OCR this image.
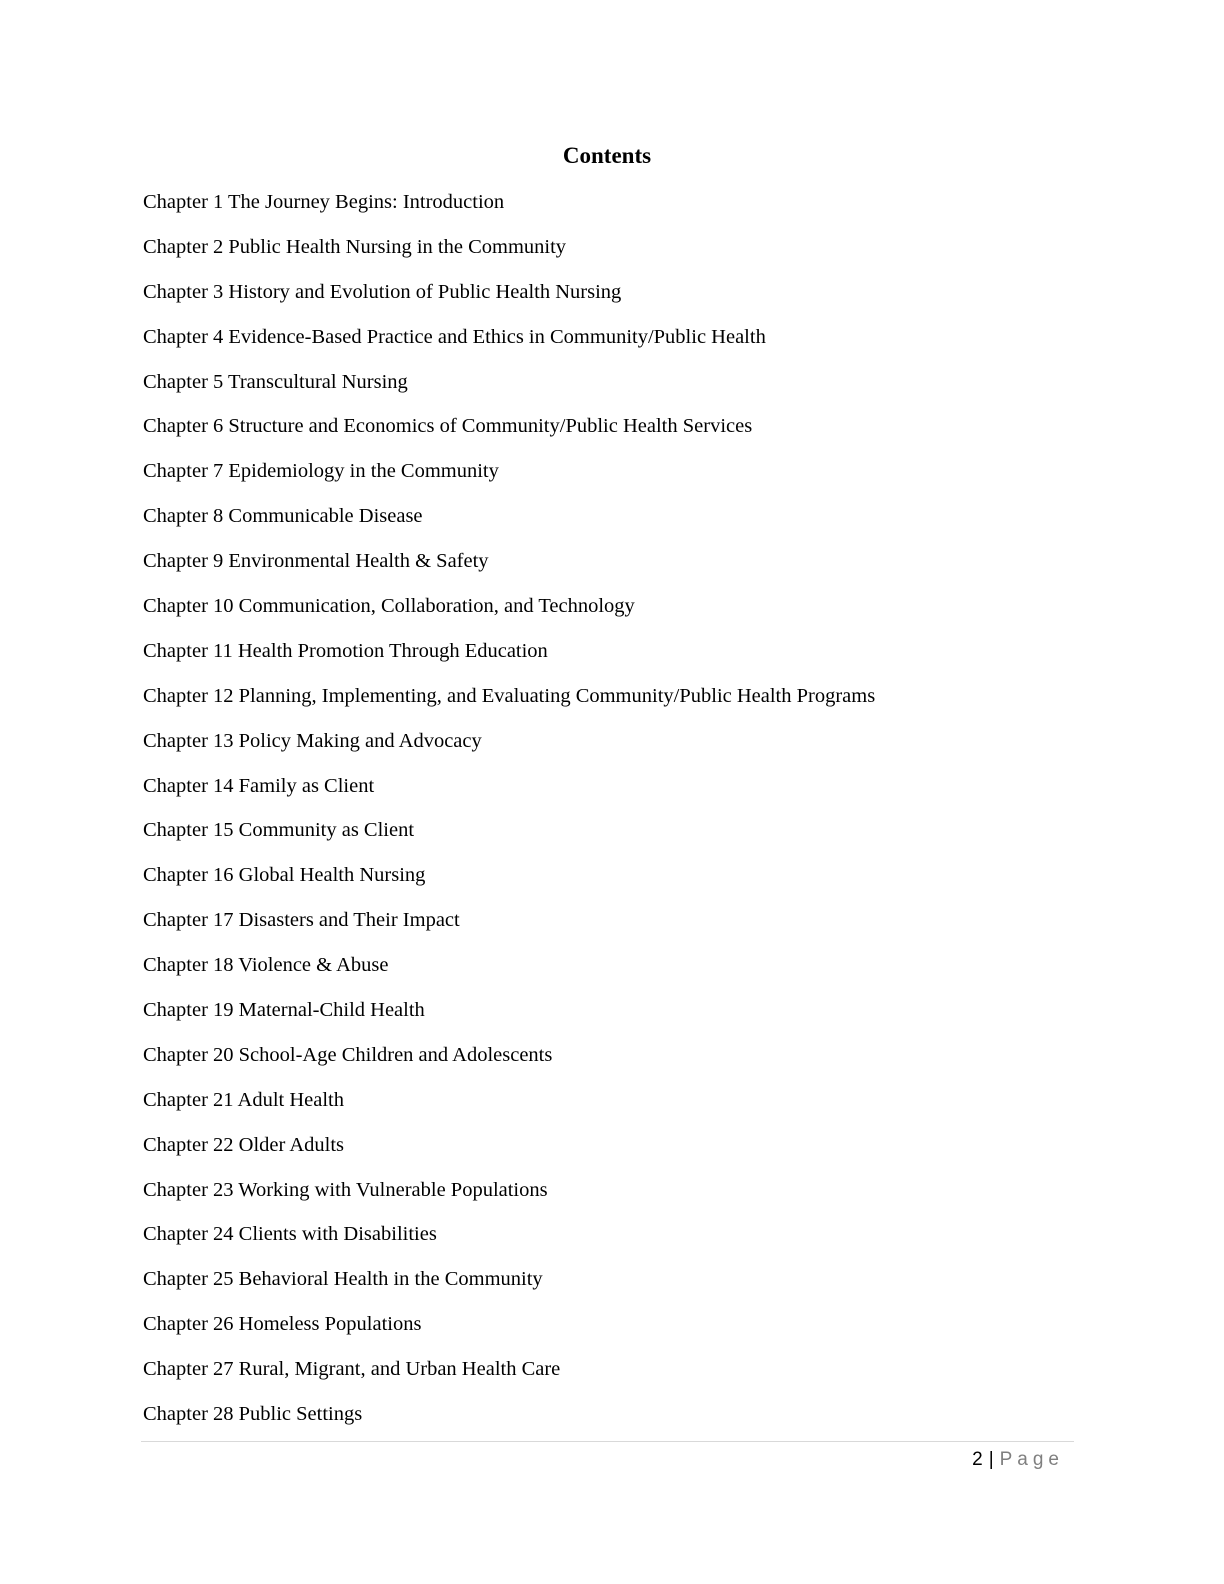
Contents
Chapter 1 The Journey Begins: Introduction
Chapter 2 Public Health Nursing in the Community
Chapter 3 History and Evolution of Public Health Nursing
Chapter 4 Evidence-Based Practice and Ethics in Community/Public Health
Chapter 5 Transcultural Nursing
Chapter 6 Structure and Economics of Community/Public Health Services
Chapter 7 Epidemiology in the Community
Chapter 8 Communicable Disease
Chapter 9 Environmental Health & Safety
Chapter 10 Communication, Collaboration, and Technology
Chapter 11 Health Promotion Through Education
Chapter 12 Planning, Implementing, and Evaluating Community/Public Health Programs
Chapter 13 Policy Making and Advocacy
Chapter 14 Family as Client
Chapter 15 Community as Client
Chapter 16 Global Health Nursing
Chapter 17 Disasters and Their Impact
Chapter 18 Violence & Abuse
Chapter 19 Maternal-Child Health
Chapter 20 School-Age Children and Adolescents
Chapter 21 Adult Health
Chapter 22 Older Adults
Chapter 23 Working with Vulnerable Populations
Chapter 24 Clients with Disabilities
Chapter 25 Behavioral Health in the Community
Chapter 26 Homeless Populations
Chapter 27 Rural, Migrant, and Urban Health Care
Chapter 28 Public Settings
2 | Page
